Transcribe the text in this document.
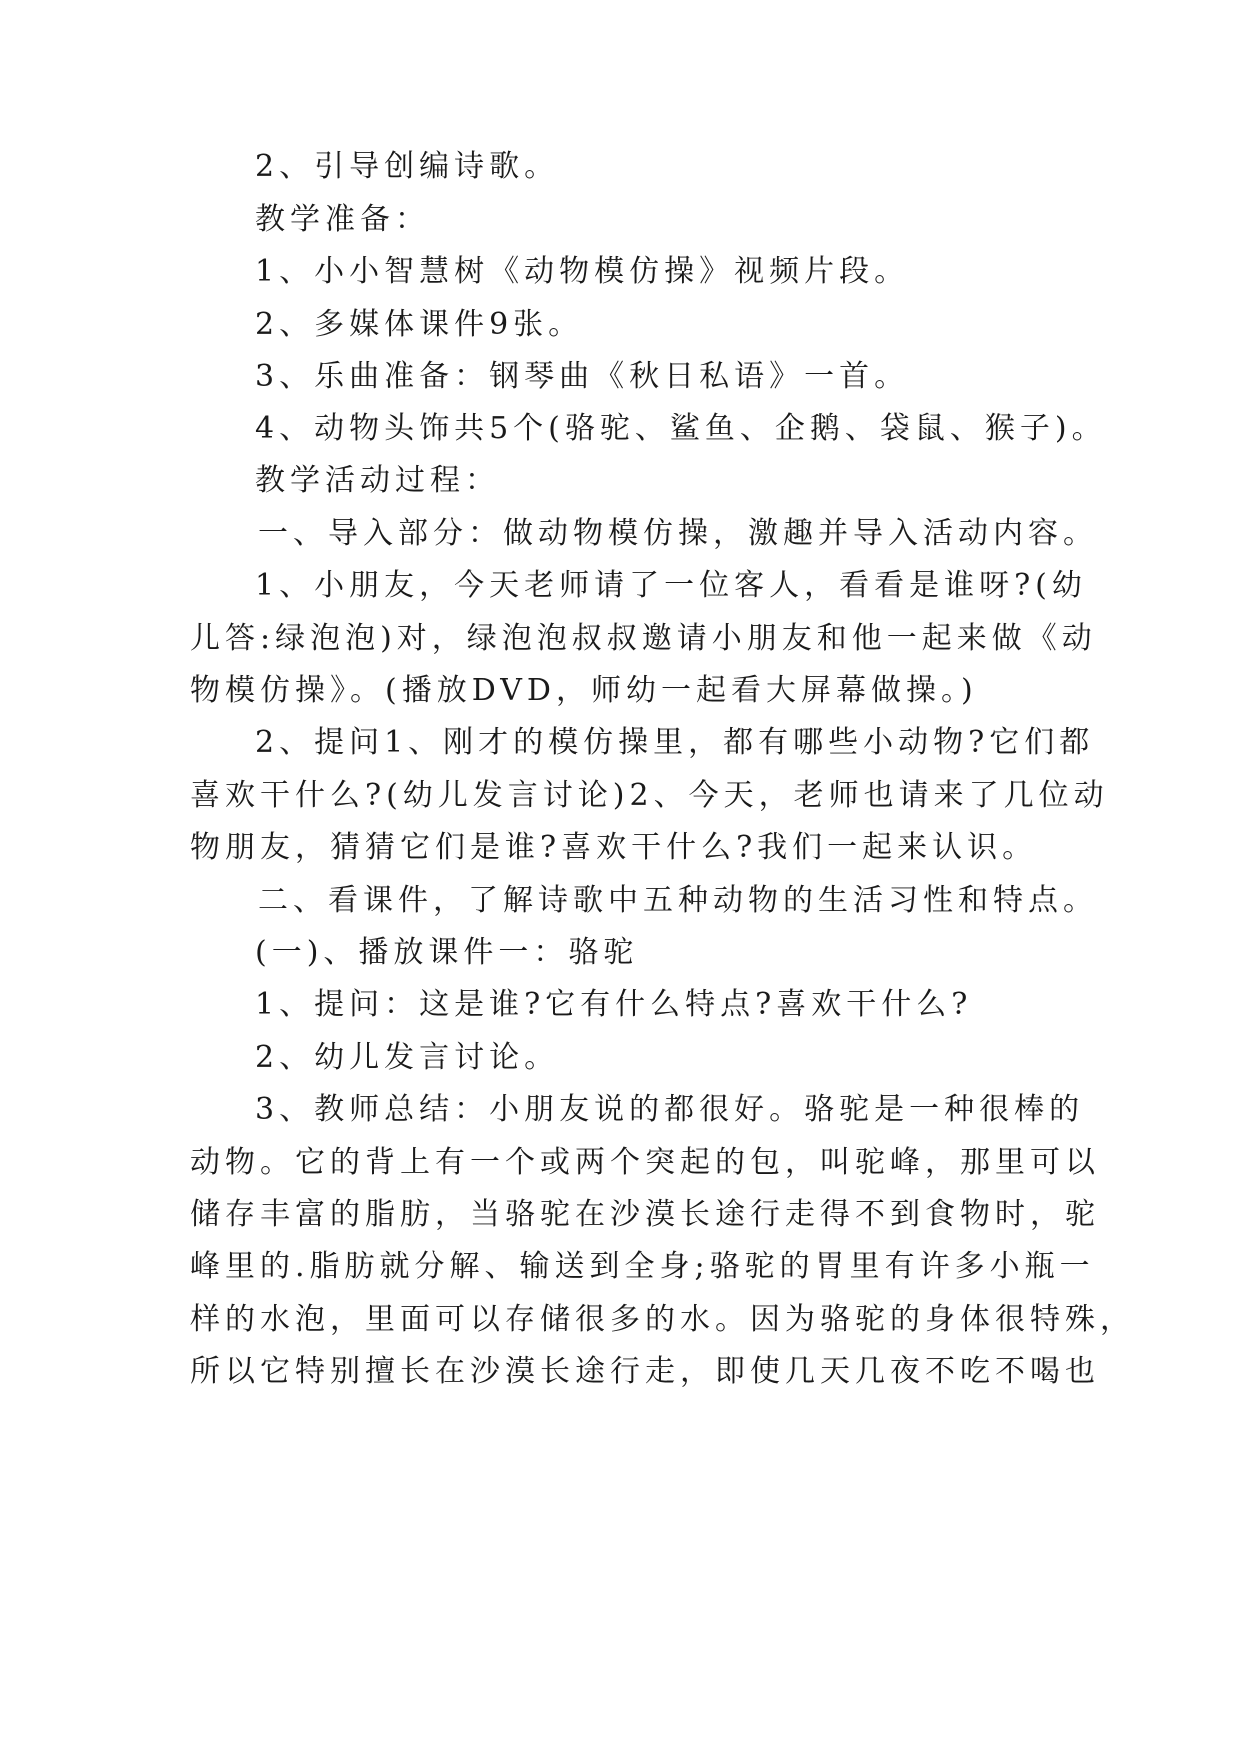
2、引导创编诗歌。
教学准备：
1、小小智慧树《动物模仿操》视频片段。
2、多媒体课件9张。
3、乐曲准备：钢琴曲《秋日私语》一首。
4、动物头饰共5个(骆驼、鲨鱼、企鹅、袋鼠、猴子)。
教学活动过程：
一、导入部分：做动物模仿操，激趣并导入活动内容。
1、小朋友，今天老师请了一位客人，看看是谁呀?(幼
儿答:绿泡泡)对，绿泡泡叔叔邀请小朋友和他一起来做《动
物模仿操》。(播放DVD，师幼一起看大屏幕做操。)
2、提问1、刚才的模仿操里，都有哪些小动物?它们都
喜欢干什么?(幼儿发言讨论)2、今天，老师也请来了几位动
物朋友，猜猜它们是谁?喜欢干什么?我们一起来认识。
二、看课件，了解诗歌中五种动物的生活习性和特点。
(一)、播放课件一：骆驼
1、提问：这是谁?它有什么特点?喜欢干什么?
2、幼儿发言讨论。
3、教师总结：小朋友说的都很好。骆驼是一种很棒的
动物。它的背上有一个或两个突起的包，叫驼峰，那里可以
储存丰富的脂肪，当骆驼在沙漠长途行走得不到食物时，驼
峰里的.脂肪就分解、输送到全身;骆驼的胃里有许多小瓶一
样的水泡，里面可以存储很多的水。因为骆驼的身体很特殊，
所以它特别擅长在沙漠长途行走，即使几天几夜不吃不喝也
